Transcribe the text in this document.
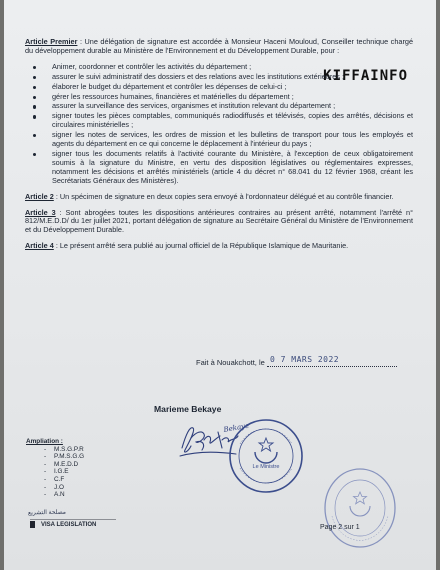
KIFFAINFO

Article Premier : Une délégation de signature est accordée à Monsieur Haceni Mouloud, Conseiller technique chargé du développement durable au Ministère de l'Environnement et du Développement Durable, pour :

Animer, coordonner et contrôler les activités du département ;
assurer le suivi administratif des dossiers et des relations avec les institutions extérieures ;
élaborer le budget du département et contrôler les dépenses de celui-ci ;
gérer les ressources humaines, financières et matérielles du département ;
assurer la surveillance des services, organismes et institution relevant du département ;
signer toutes les pièces comptables, communiqués radiodiffusés et télévisés, copies des arrêtés, décisions et circulaires ministérielles ;
signer les notes de services, les ordres de mission et les bulletins de transport pour tous les employés et agents du département en ce qui concerne le déplacement à l'intérieur du pays ;
signer tous les documents relatifs à l'activité courante du Ministère, à l'exception de ceux obligatoirement soumis à la signature du Ministre, en vertu des disposition législatives ou réglementaires expresses, notamment les décisions et arrêtés ministériels (article 4 du décret n° 68.041 du 12 février 1968, créant les Secrétariats Généraux des Ministères).

Article 2 : Un spécimen de signature en deux copies sera envoyé à l'ordonnateur délégué et au contrôle financier.

Article 3 : Sont abrogées toutes les dispositions antérieures contraires au présent arrêté, notamment l'arrêté n° 812/M.E.D.D/ du 1er juillet 2021, portant délégation de signature au Secrétaire Général du Ministère de l'Environnement et du Développement Durable.

Article 4 : Le présent arrêté sera publié au journal officiel de la République Islamique de Mauritanie.

Fait à Nouakchott, le 0 7 MARS 2022
Marieme Bekaye
Bekaye
Le Ministre
Ampliation :
- M.S.G.P.R
- P.M.S.G.G
- M.E.D.D
- I.G.E
- C.F
- J.O
- A.N
مصلحة التشريع
VISA LEGISLATION	Page 2 sur 1
